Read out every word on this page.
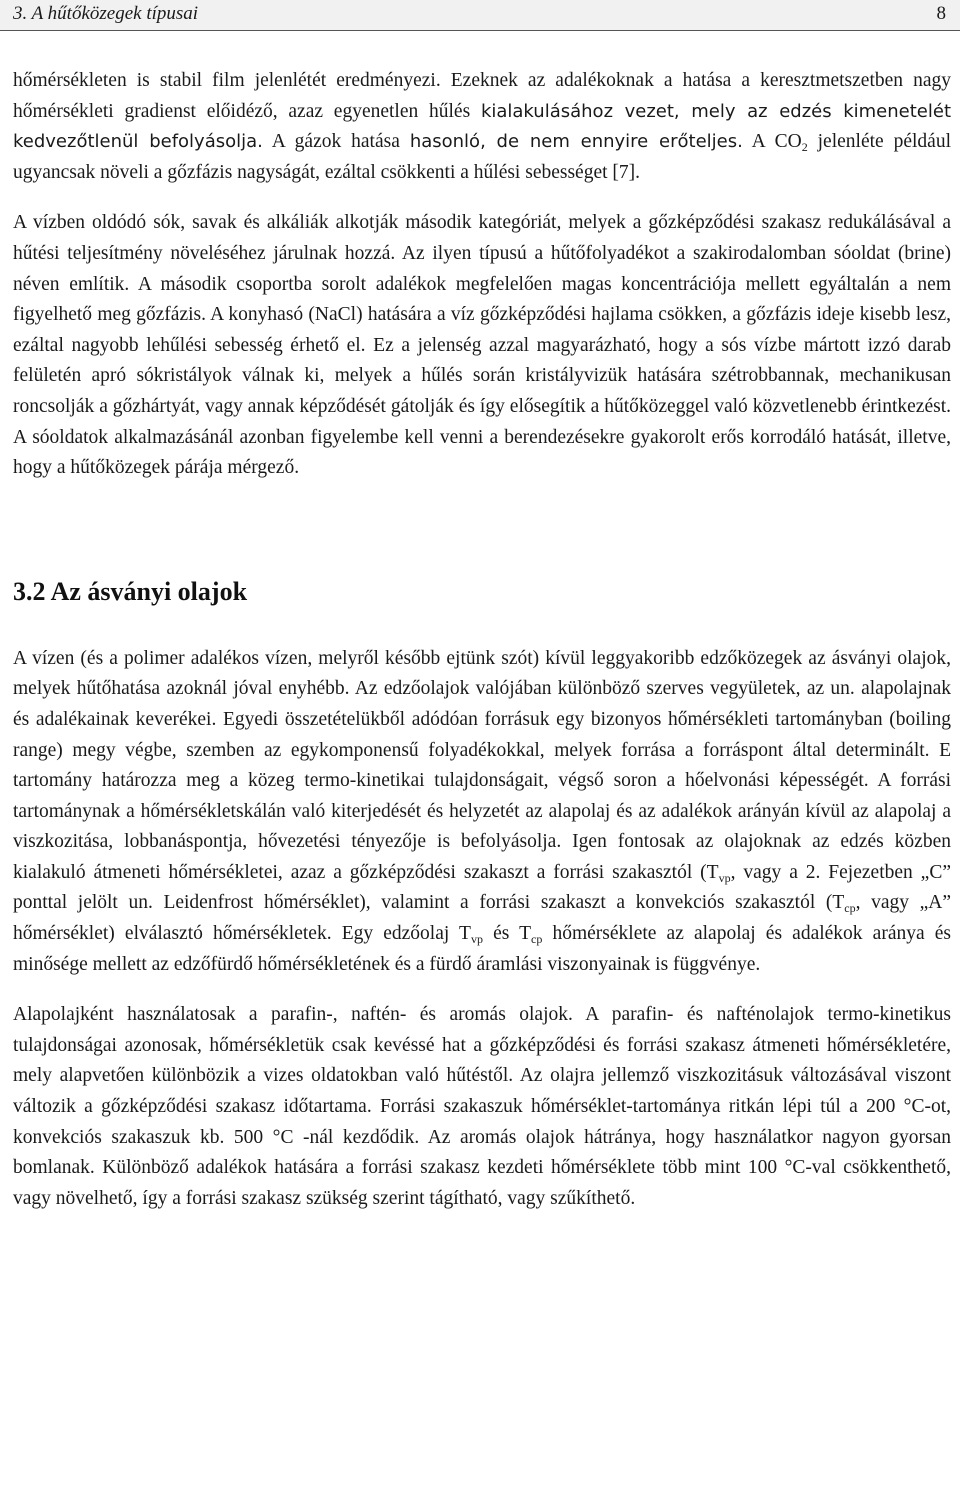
3. A hűtőközegek típusai	8

hőmérsékleten is stabil film jelenlétét eredményezi. Ezeknek az adalékoknak a hatása a keresztmetszetben nagy hőmérsékleti gradienst előidéző, azaz egyenetlen hűlés kialakulásához vezet, mely az edzés kimenetelét kedvezőtlenül befolyásolja. A gázok hatása hasonló, de nem ennyire erőteljes. A $CO_2$ jelenléte például ugyancsak növeli a gőzfázis nagyságát, ezáltal csökkenti a hűlési sebességet [7].

A vízben oldódó sók, savak és alkáliák alkotják második kategóriát, melyek a gőzképződési szakasz redukálásával a hűtési teljesítmény növeléséhez járulnak hozzá. Az ilyen típusú a hűtőfolyadékot a szakirodalomban sóoldat (brine) néven említik. A második csoportba sorolt adalékok megfelelően magas koncentrációja mellett egyáltalán a nem figyelhető meg gőzfázis. A konyhasó (NaCl) hatására a víz gőzképződési hajlama csökken, a gőzfázis ideje kisebb lesz, ezáltal nagyobb lehűlési sebesség érhető el. Ez a jelenség azzal magyarázható, hogy a sós vízbe mártott izzó darab felületén apró sókristályok válnak ki, melyek a hűlés során kristályvizük hatására szétrobbannak, mechanikusan roncsolják a gőzhártyát, vagy annak képződését gátolják és így elősegítik a hűtőközeggel való közvetlenebb érintkezést. A sóoldatok alkalmazásánál azonban figyelembe kell venni a berendezésekre gyakorolt erős korrodáló hatását, illetve, hogy a hűtőközegek párája mérgező.

3.2 Az ásványi olajok

A vízen (és a polimer adalékos vízen, melyről később ejtünk szót) kívül leggyakoribb edzőközegek az ásványi olajok, melyek hűtőhatása azoknál jóval enyhébb. Az edzőolajok valójában különböző szerves vegyületek, az un. alapolajnak és adalékainak keverékei. Egyedi összetételükből adódóan forrásuk egy bizonyos hőmérsékleti tartományban (boiling range) megy végbe, szemben az egykomponensű folyadékokkal, melyek forrása a forráspont által determinált. E tartomány határozza meg a közeg termo-kinetikai tulajdonságait, végső soron a hőelvonási képességét. A forrási tartománynak a hőmérsékletskálán való kiterjedését és helyzetét az alapolaj és az adalékok arányán kívül az alapolaj a viszkozitása, lobbanáspontja, hővezetési tényezője is befolyásolja. Igen fontosak az olajoknak az edzés közben kialakuló átmeneti hőmérsékletei, azaz a gőzképződési szakaszt a forrási szakasztól ($T_{vp}$, vagy a 2. Fejezetben „C” ponttal jelölt un. Leidenfrost hőmérséklet), valamint a forrási szakaszt a konvekciós szakasztól ($T_{cp}$, vagy „A” hőmérséklet) elválasztó hőmérsékletek. Egy edzőolaj $T_{vp}$ és $T_{cp}$ hőmérséklete az alapolaj és adalékok aránya és minősége mellett az edzőfürdő hőmérsékletének és a fürdő áramlási viszonyainak is függvénye.

Alapolajként használatosak a parafin-, naftén- és aromás olajok. A parafin- és nafténolajok termo-kinetikus tulajdonságai azonosak, hőmérsékletük csak kevéssé hat a gőzképződési és forrási szakasz átmeneti hőmérsékletére, mely alapvetően különbözik a vizes oldatokban való hűtéstől. Az olajra jellemző viszkozitásuk változásával viszont változik a gőzképződési szakasz időtartama. Forrási szakaszuk hőmérséklet-tartománya ritkán lépi túl a 200 °C-ot, konvekciós szakaszuk kb. 500 °C -nál kezdődik. Az aromás olajok hátránya, hogy használatkor nagyon gyorsan bomlanak. Különböző adalékok hatására a forrási szakasz kezdeti hőmérséklete több mint 100 °C-val csökkenthető, vagy növelhető, így a forrási szakasz szükség szerint tágítható, vagy szűkíthető.
